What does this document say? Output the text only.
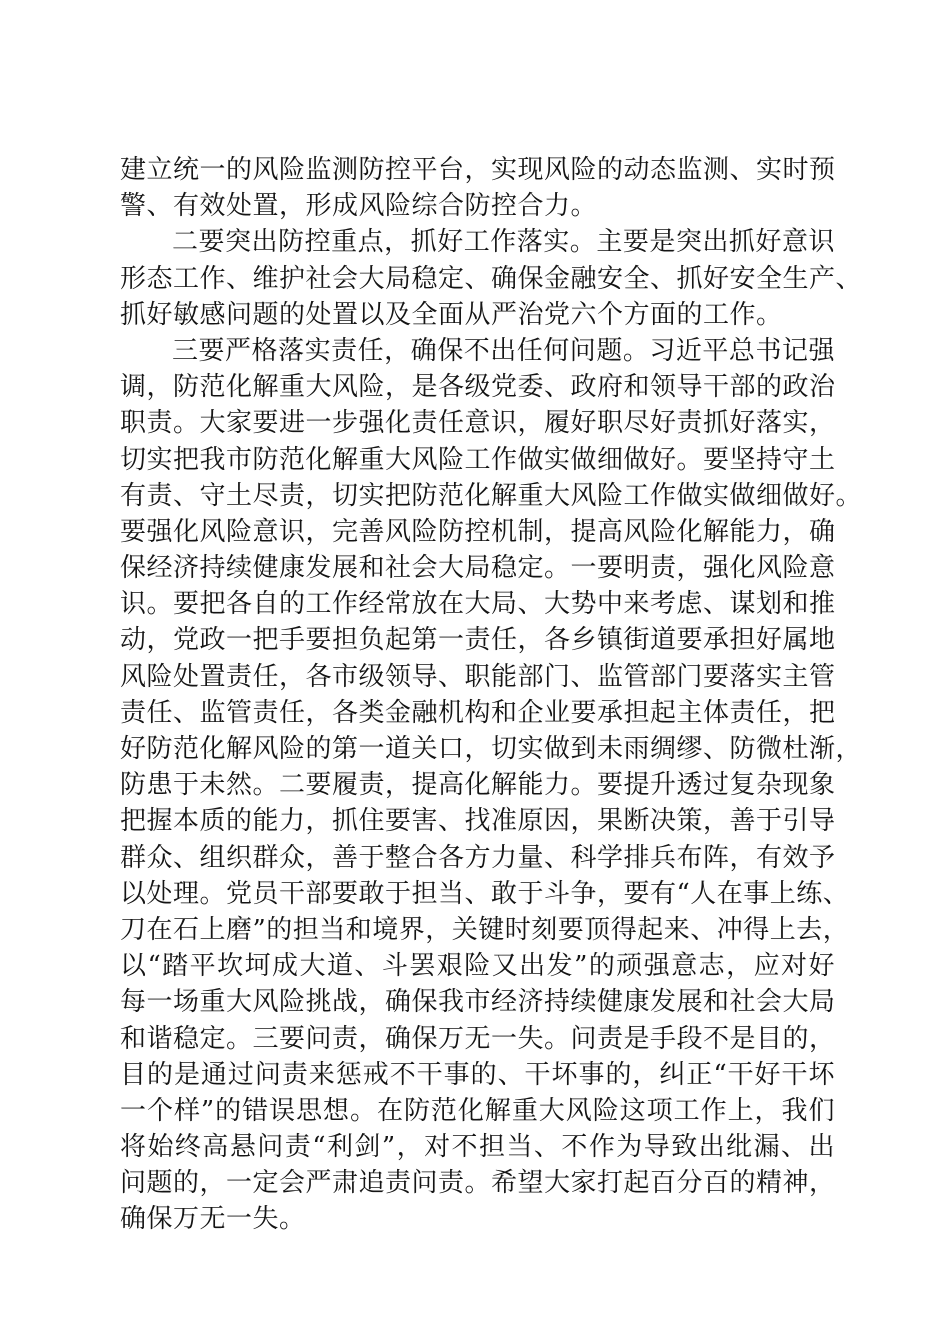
建立统一的风险监测防控平台，实现风险的动态监测、实时预
警、有效处置，形成风险综合防控合力。
二要突出防控重点，抓好工作落实。主要是突出抓好意识
形态工作、维护社会大局稳定、确保金融安全、抓好安全生产、
抓好敏感问题的处置以及全面从严治党六个方面的工作。
三要严格落实责任，确保不出任何问题。习近平总书记强
调，防范化解重大风险，是各级党委、政府和领导干部的政治
职责。大家要进一步强化责任意识，履好职尽好责抓好落实，
切实把我市防范化解重大风险工作做实做细做好。要坚持守土
有责、守土尽责，切实把防范化解重大风险工作做实做细做好。
要强化风险意识，完善风险防控机制，提高风险化解能力，确
保经济持续健康发展和社会大局稳定。一要明责，强化风险意
识。要把各自的工作经常放在大局、大势中来考虑、谋划和推
动，党政一把手要担负起第一责任，各乡镇街道要承担好属地
风险处置责任，各市级领导、职能部门、监管部门要落实主管
责任、监管责任，各类金融机构和企业要承担起主体责任，把
好防范化解风险的第一道关口，切实做到未雨绸缪、防微杜渐，
防患于未然。二要履责，提高化解能力。要提升透过复杂现象
把握本质的能力，抓住要害、找准原因，果断决策，善于引导
群众、组织群众，善于整合各方力量、科学排兵布阵，有效予
以处理。党员干部要敢于担当、敢于斗争，要有“人在事上练、
刀在石上磨”的担当和境界，关键时刻要顶得起来、冲得上去，
以“踏平坎坷成大道、斗罢艰险又出发”的顽强意志，应对好
每一场重大风险挑战，确保我市经济持续健康发展和社会大局
和谐稳定。三要问责，确保万无一失。问责是手段不是目的，
目的是通过问责来惩戒不干事的、干坏事的，纠正“干好干坏
一个样”的错误思想。在防范化解重大风险这项工作上，我们
将始终高悬问责“利剑”，对不担当、不作为导致出纰漏、出
问题的，一定会严肃追责问责。希望大家打起百分百的精神，
确保万无一失。
